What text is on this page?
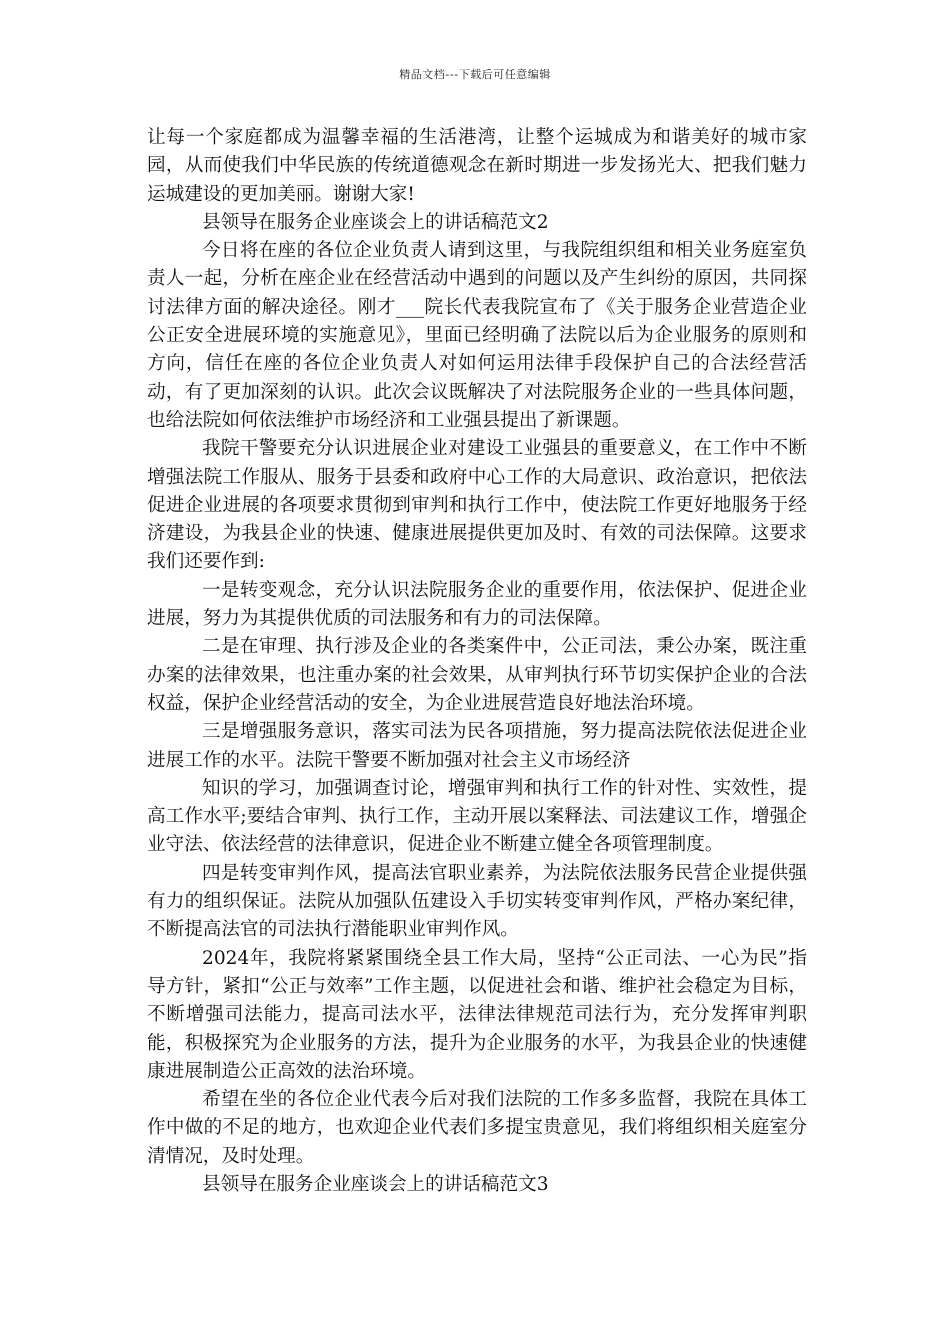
精品文档---下载后可任意编辑

让每一个家庭都成为温馨幸福的生活港湾，让整个运城成为和谐美好的城市家园，从而使我们中华民族的传统道德观念在新时期进一步发扬光大、把我们魅力运城建设的更加美丽。谢谢大家!

县领导在服务企业座谈会上的讲话稿范文2

今日将在座的各位企业负责人请到这里，与我院组织组和相关业务庭室负责人一起，分析在座企业在经营活动中遇到的问题以及产生纠纷的原因，共同探讨法律方面的解决途径。刚才___院长代表我院宣布了《关于服务企业营造企业公正安全进展环境的实施意见》，里面已经明确了法院以后为企业服务的原则和方向，信任在座的各位企业负责人对如何运用法律手段保护自己的合法经营活动，有了更加深刻的认识。此次会议既解决了对法院服务企业的一些具体问题，也给法院如何依法维护市场经济和工业强县提出了新课题。

我院干警要充分认识进展企业对建设工业强县的重要意义，在工作中不断增强法院工作服从、服务于县委和政府中心工作的大局意识、政治意识，把依法促进企业进展的各项要求贯彻到审判和执行工作中，使法院工作更好地服务于经济建设，为我县企业的快速、健康进展提供更加及时、有效的司法保障。这要求我们还要作到:

一是转变观念，充分认识法院服务企业的重要作用，依法保护、促进企业进展，努力为其提供优质的司法服务和有力的司法保障。

二是在审理、执行涉及企业的各类案件中，公正司法，秉公办案，既注重办案的法律效果，也注重办案的社会效果，从审判执行环节切实保护企业的合法权益，保护企业经营活动的安全，为企业进展营造良好地法治环境。

三是增强服务意识，落实司法为民各项措施，努力提高法院依法促进企业进展工作的水平。法院干警要不断加强对社会主义市场经济

知识的学习，加强调查讨论，增强审判和执行工作的针对性、实效性，提高工作水平;要结合审判、执行工作，主动开展以案释法、司法建议工作，增强企业守法、依法经营的法律意识，促进企业不断建立健全各项管理制度。

四是转变审判作风，提高法官职业素养，为法院依法服务民营企业提供强有力的组织保证。法院从加强队伍建设入手切实转变审判作风，严格办案纪律，不断提高法官的司法执行潜能职业审判作风。

2024年，我院将紧紧围绕全县工作大局，坚持“公正司法、一心为民”指导方针，紧扣“公正与效率”工作主题，以促进社会和谐、维护社会稳定为目标，不断增强司法能力，提高司法水平，法律法律规范司法行为，充分发挥审判职能，积极探究为企业服务的方法，提升为企业服务的水平，为我县企业的快速健康进展制造公正高效的法治环境。

希望在坐的各位企业代表今后对我们法院的工作多多监督，我院在具体工作中做的不足的地方，也欢迎企业代表们多提宝贵意见，我们将组织相关庭室分清情况，及时处理。

县领导在服务企业座谈会上的讲话稿范文3
